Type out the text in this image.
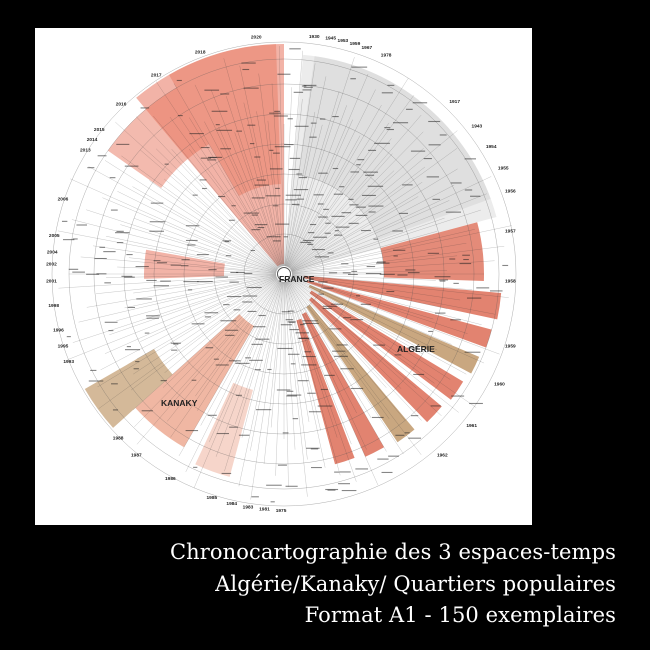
1930 1945 1953
1959
1967
1978
1917
1943
1954
1955
1956
1957
1958
1959
1960
1961
1962
1975
1981
1983
1984
1985
1986
1987
1988
1993
1995
1996
1998
2001
2002
2004
2005
2006
2013
2014
2015
2016
2017
2018
2020
FRANCE
ALGÉRIE
KANAKY
Chronocartographie des 3 espaces-temps
Algérie/Kanaky/ Quartiers populaires
Format A1 - 150 exemplaires
